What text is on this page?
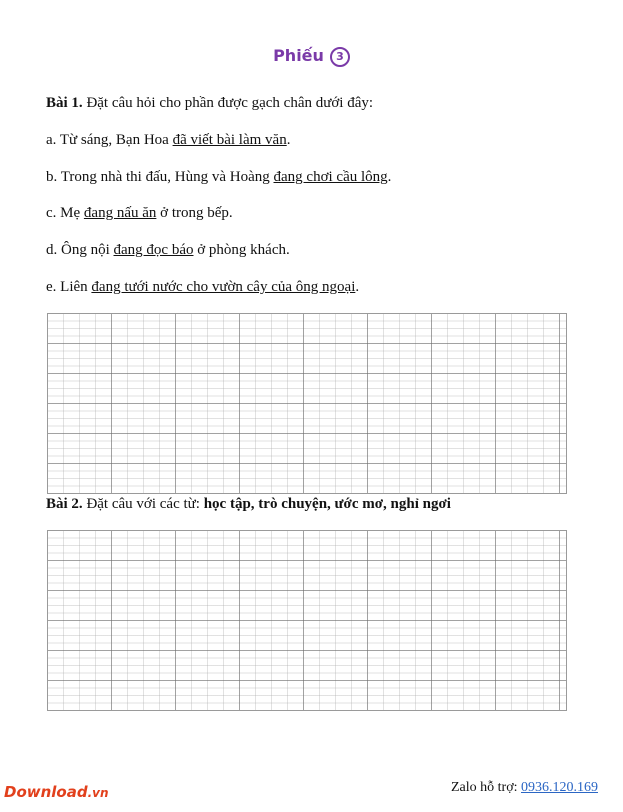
Phiếu 3
Bài 1. Đặt câu hỏi cho phần được gạch chân dưới đây:
a. Từ sáng, Bạn Hoa đã viết bài làm văn.
b. Trong nhà thi đấu, Hùng và Hoàng đang chơi cầu lông.
c. Mẹ đang nấu ăn ở trong bếp.
d. Ông nội đang đọc báo ở phòng khách.
e. Liên đang tưới nước cho vườn cây của ông ngoại.
Bài 2. Đặt câu với các từ: học tập, trò chuyện, ước mơ, nghỉ ngơi
Download.vn	Zalo hỗ trợ: 0936.120.169
